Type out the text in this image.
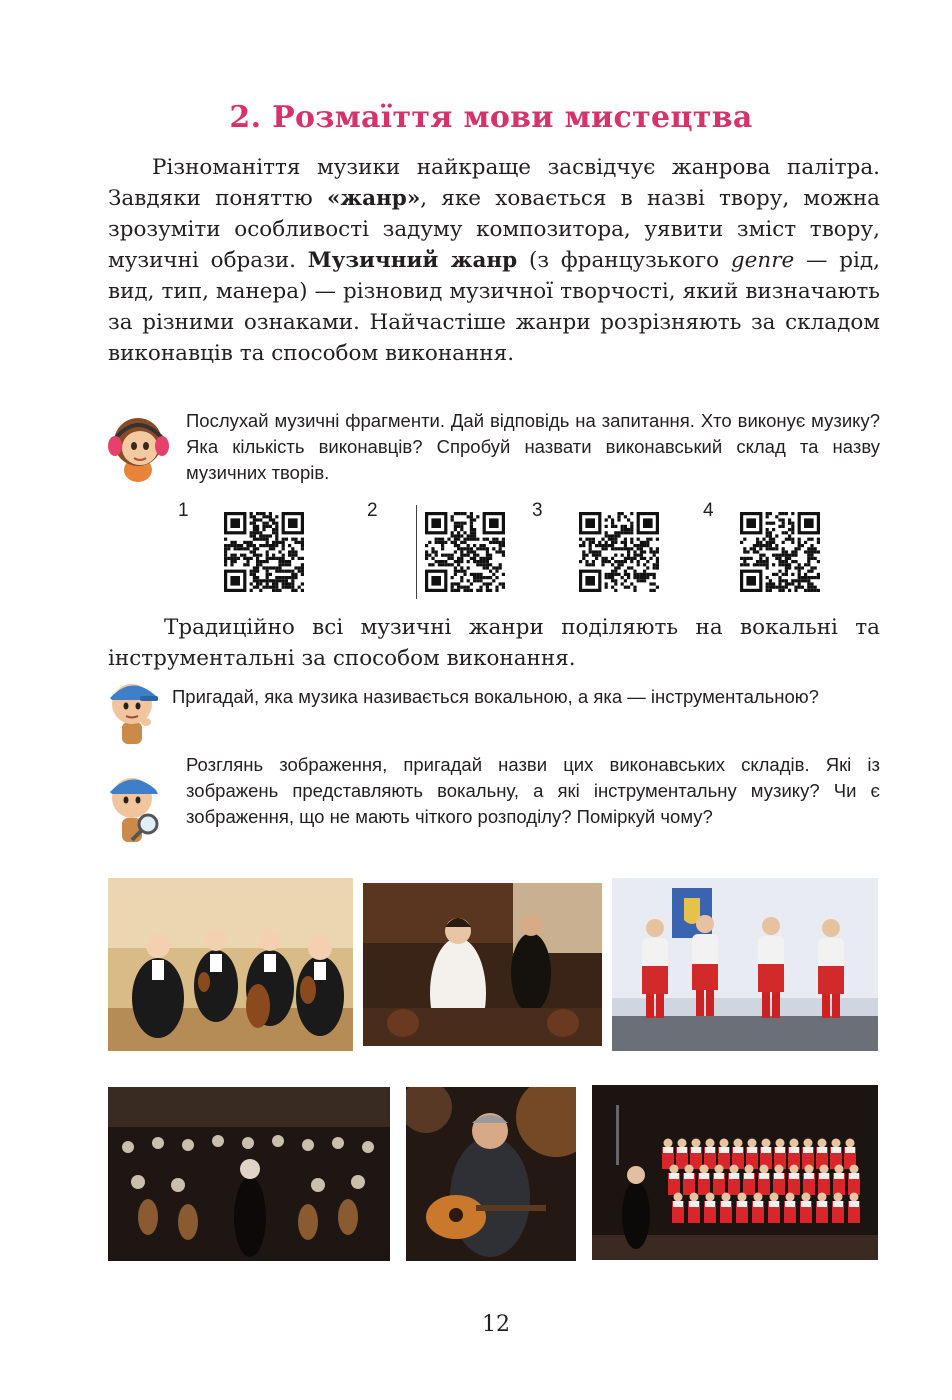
2. Розмаїття мови мистецтва
Різноманіття музики найкраще засвідчує жанрова палітра. Завдяки поняттю «жанр», яке ховається в назві твору, можна зрозуміти особливості задуму композитора, уявити зміст твору, музичні образи. Музичний жанр (з французького genre — рід, вид, тип, манера) — різновид музичної творчості, який визначають за різними ознаками. Найчастіше жанри розрізняють за складом виконавців та способом виконання.
Послухай музичні фрагменти. Дай відповідь на запитання. Хто виконує музику? Яка кількість виконавців? Спробуй назвати виконавський склад та назву музичних творів.
1	2	3	4
Традиційно всі музичні жанри поділяють на вокальні та інструментальні за способом виконання.
Пригадай, яка музика називається вокальною, а яка — інструментальною?
Розглянь зображення, пригадай назви цих виконавських складів. Які із зображень представляють вокальну, а які інструментальну музику? Чи є зображення, що не мають чіткого розподілу? Поміркуй чому?
12
